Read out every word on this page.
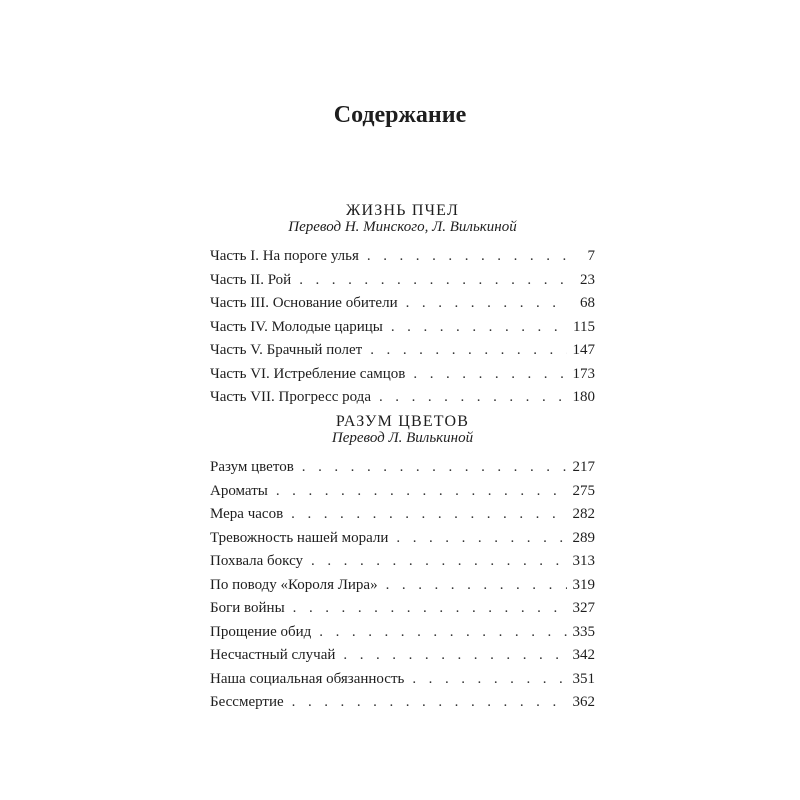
Содержание
ЖИЗНЬ ПЧЕЛ
Перевод Н. Минского, Л. Вилькиной
Часть I. На пороге улья . . .	7
Часть II. Рой . . .	23
Часть III. Основание обители . . .	68
Часть IV. Молодые царицы . . .	115
Часть V. Брачный полет . . .	147
Часть VI. Истребление самцов . . .	173
Часть VII. Прогресс рода . . .	180
РАЗУМ ЦВЕТОВ
Перевод Л. Вилькиной
Разум цветов . . .	217
Ароматы . . .	275
Мера часов . . .	282
Тревожность нашей морали . . .	289
Похвала боксу . . .	313
По поводу «Короля Лира» . . .	319
Боги войны . . .	327
Прощение обид . . .	335
Несчастный случай . . .	342
Наша социальная обязанность . . .	351
Бессмертие . . .	362
